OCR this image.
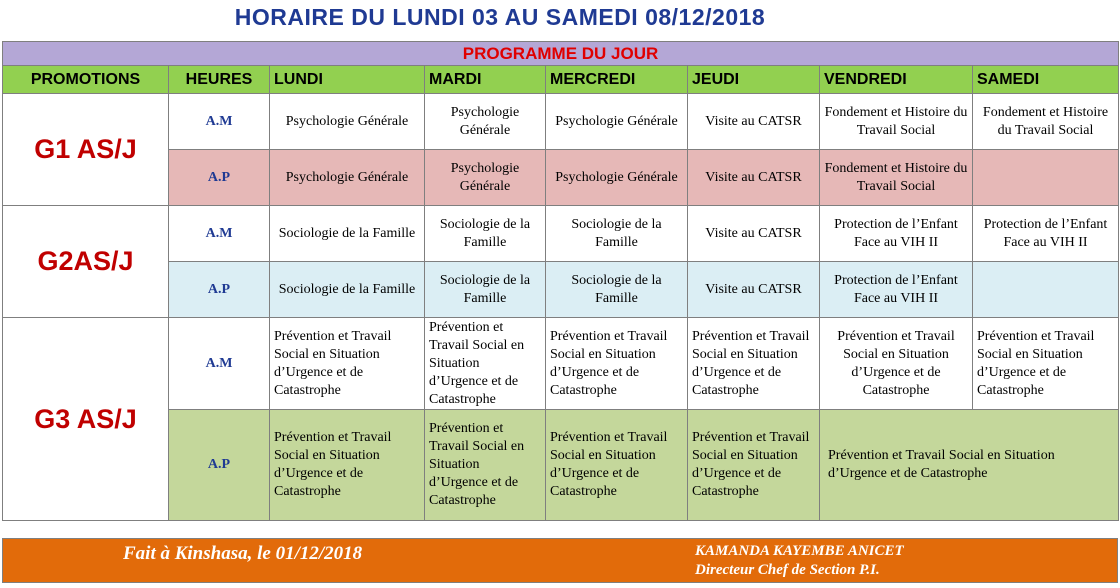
HORAIRE DU LUNDI 03 AU SAMEDI 08/12/2018
PROGRAMME DU JOUR							
PROMOTIONS	HEURES	LUNDI	MARDI	MERCREDI	JEUDI	VENDREDI	SAMEDI
G1 AS/J	A.M	Psychologie Générale	Psychologie Générale	Psychologie Générale	Visite au CATSR	Fondement et Histoire du Travail Social	Fondement et Histoire du Travail Social
	A.P	Psychologie Générale	Psychologie Générale	Psychologie Générale	Visite au CATSR	Fondement et Histoire du Travail Social	
G2AS/J	A.M	Sociologie de la Famille	Sociologie de la Famille	Sociologie de la Famille	Visite au CATSR	Protection de l’Enfant Face au VIH II	Protection de l’Enfant Face au VIH II
	A.P	Sociologie de la Famille	Sociologie de la Famille	Sociologie de la Famille	Visite au CATSR	Protection de l’Enfant Face au VIH II	
G3 AS/J	A.M	Prévention et Travail Social en Situation d’Urgence et de Catastrophe	Prévention et Travail Social en Situation d’Urgence et de Catastrophe	Prévention et Travail Social en Situation d’Urgence et de Catastrophe	Prévention et Travail Social en Situation d’Urgence et de Catastrophe	Prévention et Travail Social en Situation d’Urgence et de Catastrophe	Prévention et Travail Social en Situation d’Urgence et de Catastrophe
	A.P	Prévention et Travail Social en Situation d’Urgence et de Catastrophe	Prévention et Travail Social en Situation d’Urgence et de Catastrophe	Prévention et Travail Social en Situation d’Urgence et de Catastrophe	Prévention et Travail Social en Situation d’Urgence et de Catastrophe	Prévention et Travail Social en Situation d’Urgence et de Catastrophe	
Fait à Kinshasa, le 01/12/2018	KAMANDA KAYEMBE ANICET
Directeur Chef de Section P.I.
